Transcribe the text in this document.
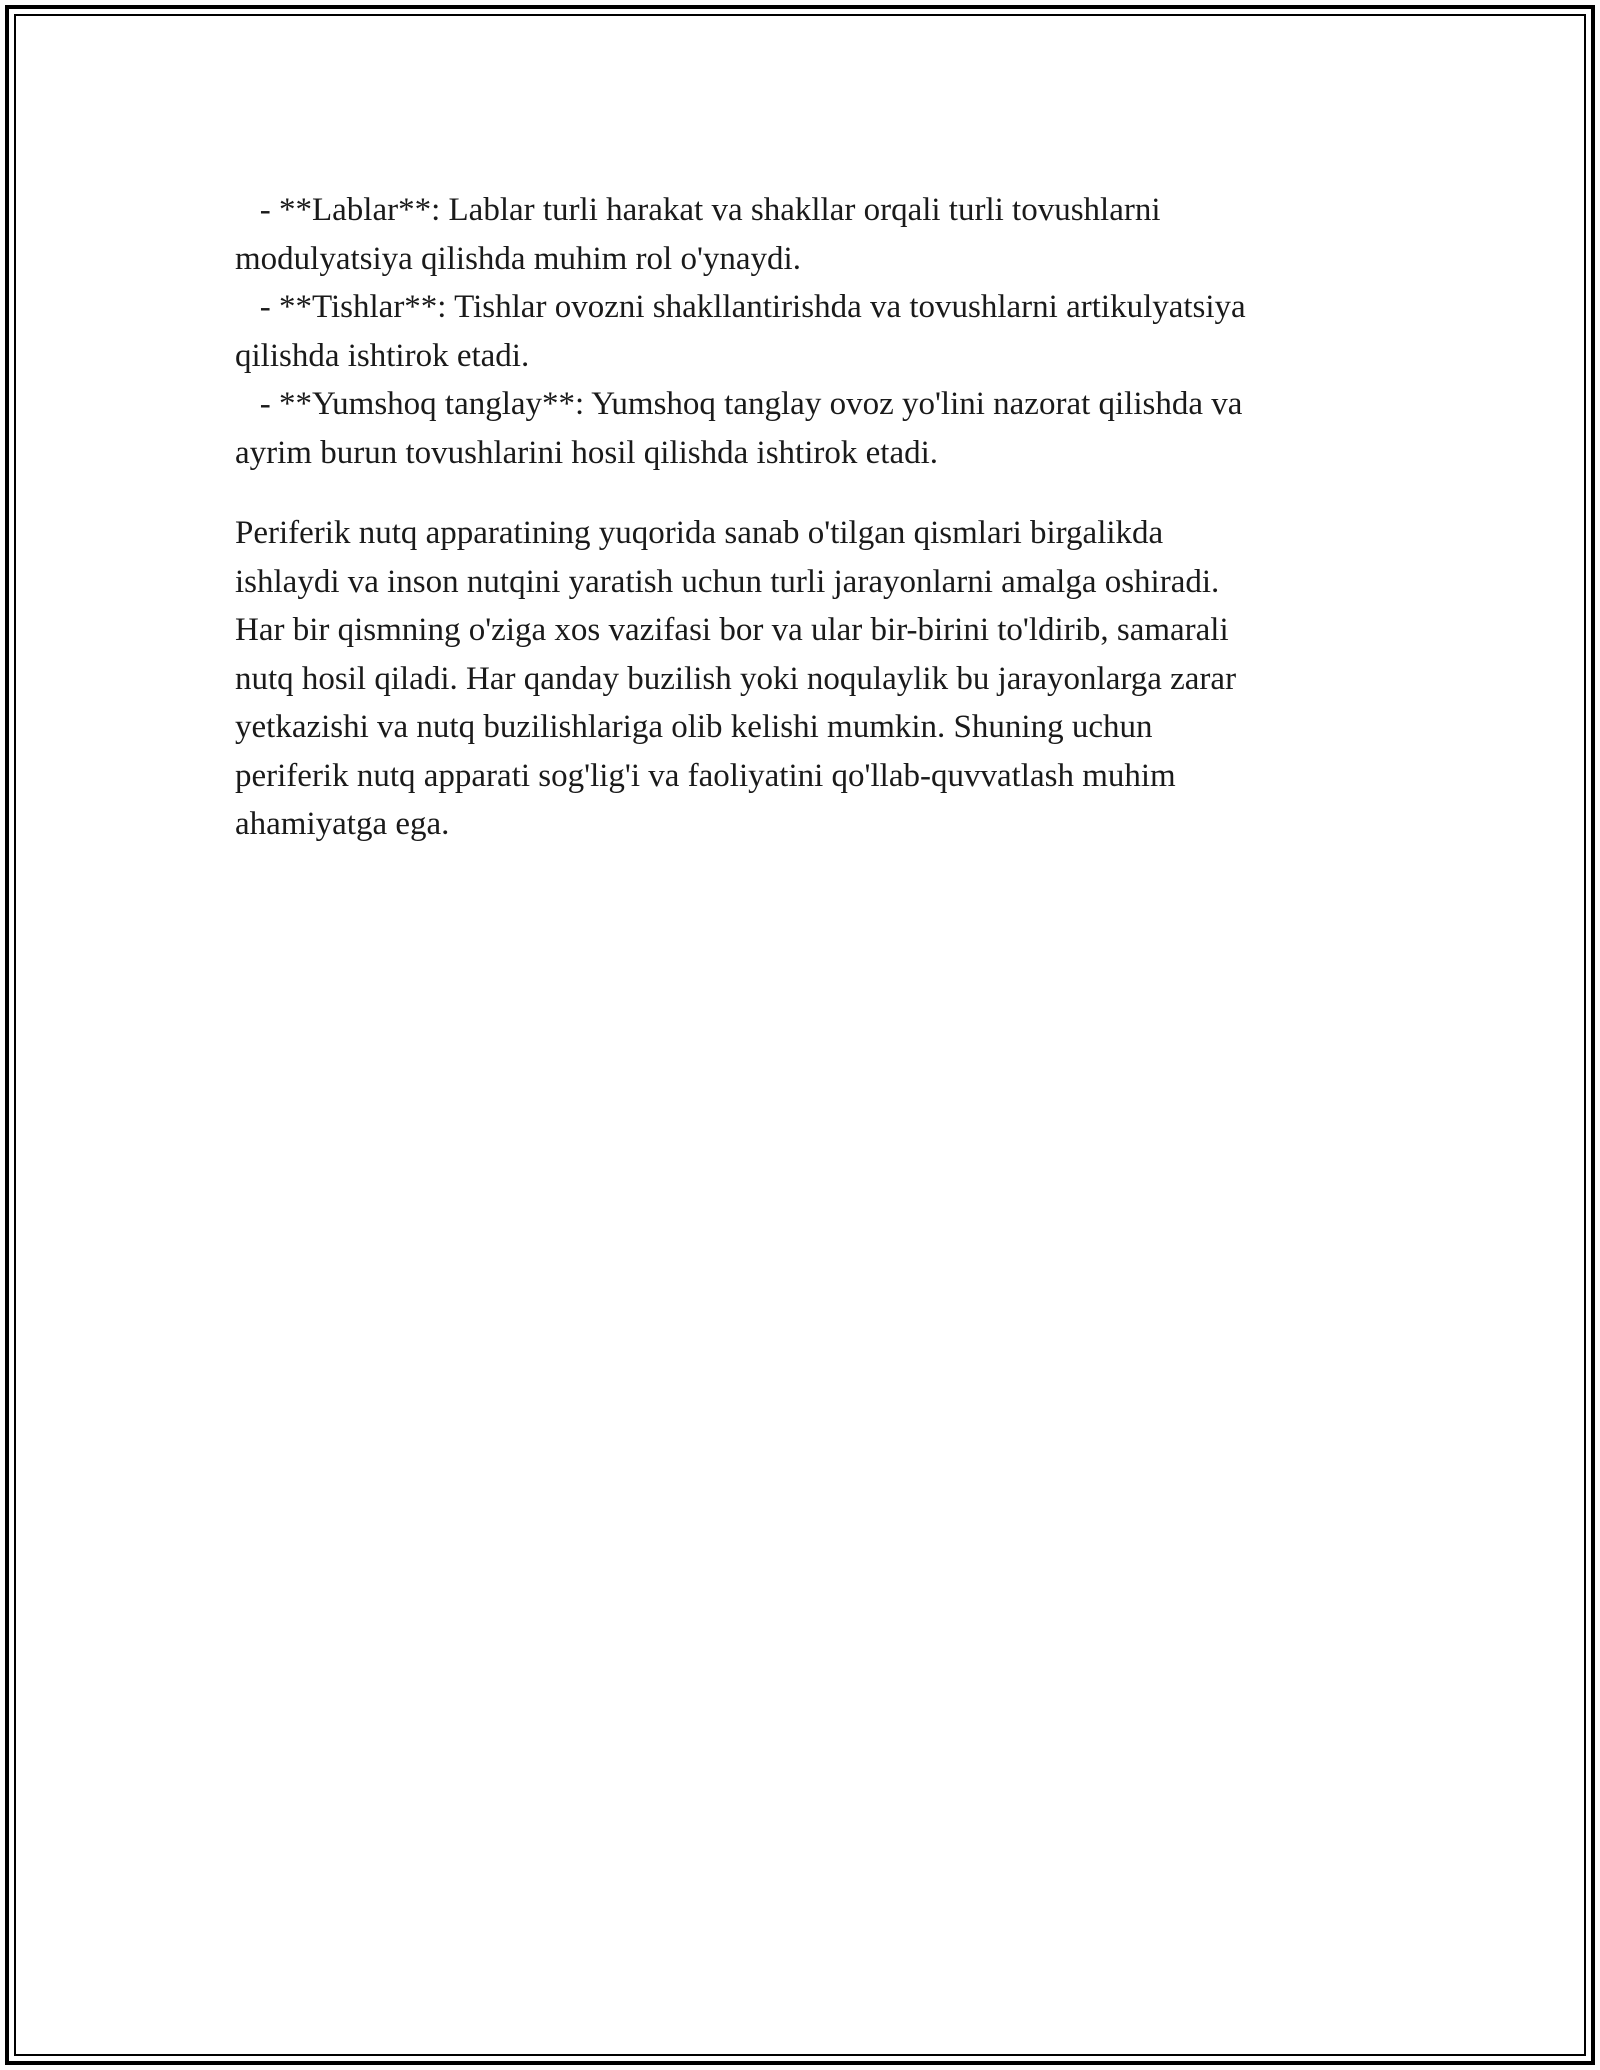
- **Lablar**: Lablar turli harakat va shakllar orqali turli tovushlarni
modulyatsiya qilishda muhim rol o'ynaydi.
- **Tishlar**: Tishlar ovozni shakllantirishda va tovushlarni artikulyatsiya
qilishda ishtirok etadi.
- **Yumshoq tanglay**: Yumshoq tanglay ovoz yo'lini nazorat qilishda va
ayrim burun tovushlarini hosil qilishda ishtirok etadi.
Periferik nutq apparatining yuqorida sanab o'tilgan qismlari birgalikda
ishlaydi va inson nutqini yaratish uchun turli jarayonlarni amalga oshiradi.
Har bir qismning o'ziga xos vazifasi bor va ular bir-birini to'ldirib, samarali
nutq hosil qiladi. Har qanday buzilish yoki noqulaylik bu jarayonlarga zarar
yetkazishi va nutq buzilishlariga olib kelishi mumkin. Shuning uchun
periferik nutq apparati sog'lig'i va faoliyatini qo'llab-quvvatlash muhim
ahamiyatga ega.
